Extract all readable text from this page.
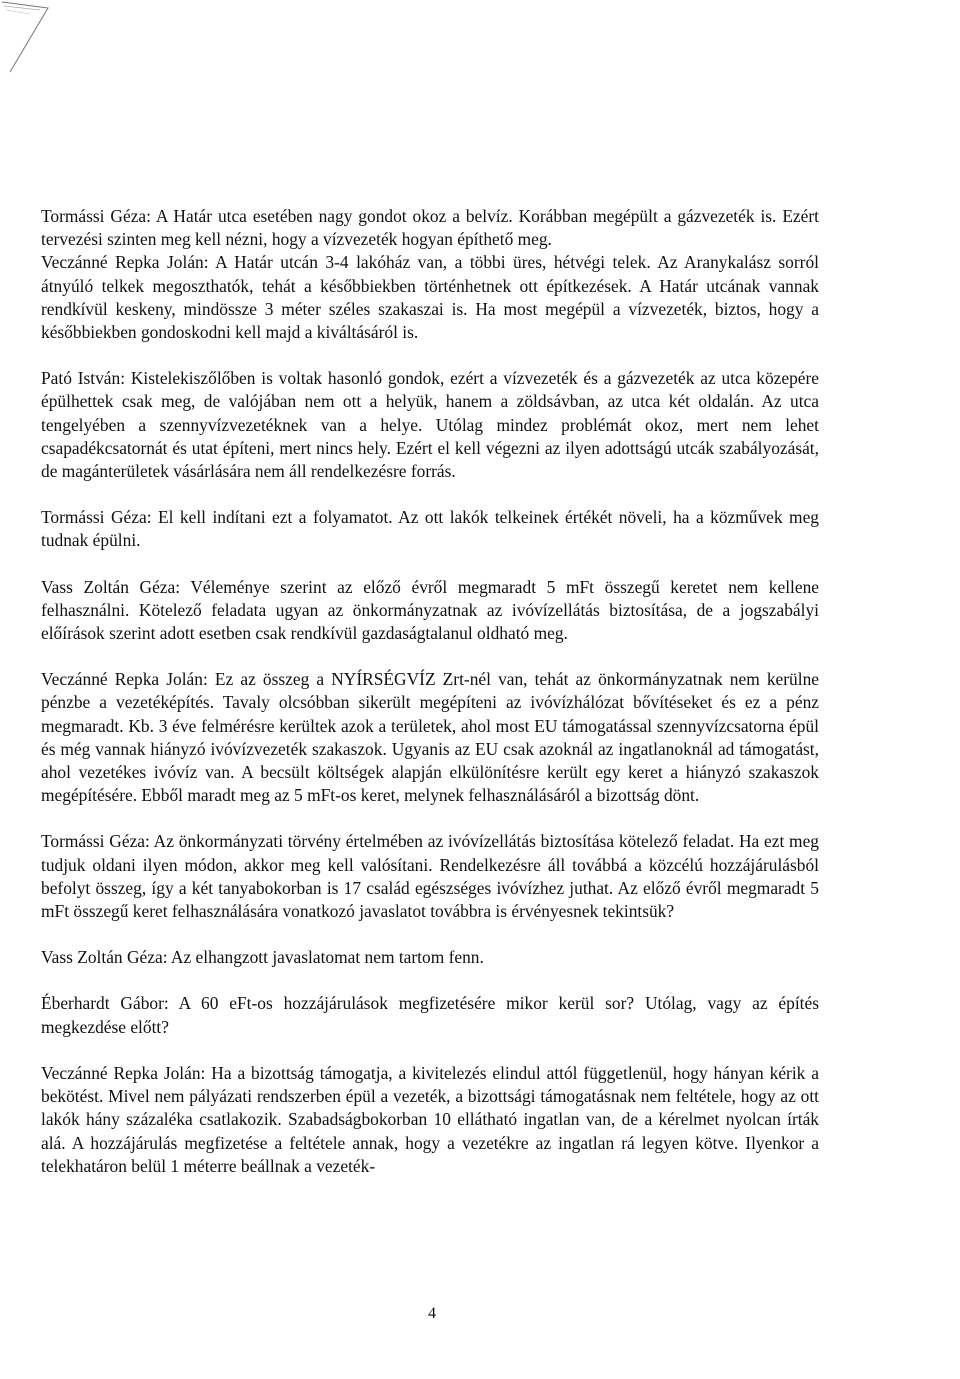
Tormássi Géza: A Határ utca esetében nagy gondot okoz a belvíz. Korábban megépült a gázvezeték is. Ezért tervezési szinten meg kell nézni, hogy a vízvezeték hogyan építhető meg.

Veczánné Repka Jolán: A Határ utcán 3-4 lakóház van, a többi üres, hétvégi telek. Az Aranykalász sorról átnyúló telkek megoszthatók, tehát a későbbiekben történhetnek ott építkezések. A Határ utcának vannak rendkívül keskeny, mindössze 3 méter széles szakaszai is. Ha most megépül a vízvezeték, biztos, hogy a későbbiekben gondoskodni kell majd a kiváltásáról is.

Pató István: Kistelekiszőlőben is voltak hasonló gondok, ezért a vízvezeték és a gázvezeték az utca közepére épülhettek csak meg, de valójában nem ott a helyük, hanem a zöldsávban, az utca két oldalán. Az utca tengelyében a szennyvízvezetéknek van a helye. Utólag mindez problémát okoz, mert nem lehet csapadékcsatornát és utat építeni, mert nincs hely. Ezért el kell végezni az ilyen adottságú utcák szabályozását, de magánterületek vásárlására nem áll rendelkezésre forrás.

Tormássi Géza: El kell indítani ezt a folyamatot. Az ott lakók telkeinek értékét növeli, ha a közművek meg tudnak épülni.

Vass Zoltán Géza: Véleménye szerint az előző évről megmaradt 5 mFt összegű keretet nem kellene felhasználni. Kötelező feladata ugyan az önkormányzatnak az ivóvízellátás biztosítása, de a jogszabályi előírások szerint adott esetben csak rendkívül gazdaságtalanul oldható meg.

Veczánné Repka Jolán: Ez az összeg a NYÍRSÉGVÍZ Zrt-nél van, tehát az önkormányzatnak nem kerülne pénzbe a vezetéképítés. Tavaly olcsóbban sikerült megépíteni az ivóvízhálózat bővítéseket és ez a pénz megmaradt. Kb. 3 éve felmérésre kerültek azok a területek, ahol most EU támogatással szennyvízcsatorna épül és még vannak hiányzó ivóvízvezeték szakaszok. Ugyanis az EU csak azoknál az ingatlanoknál ad támogatást, ahol vezetékes ivóvíz van. A becsült költségek alapján elkülönítésre került egy keret a hiányzó szakaszok megépítésére. Ebből maradt meg az 5 mFt-os keret, melynek felhasználásáról a bizottság dönt.

Tormássi Géza: Az önkormányzati törvény értelmében az ivóvízellátás biztosítása kötelező feladat. Ha ezt meg tudjuk oldani ilyen módon, akkor meg kell valósítani. Rendelkezésre áll továbbá a közcélú hozzájárulásból befolyt összeg, így a két tanyabokorban is 17 család egészséges ivóvízhez juthat. Az előző évről megmaradt 5 mFt összegű keret felhasználására vonatkozó javaslatot továbbra is érvényesnek tekintsük?

Vass Zoltán Géza: Az elhangzott javaslatomat nem tartom fenn.

Éberhardt Gábor: A 60 eFt-os hozzájárulások megfizetésére mikor kerül sor? Utólag, vagy az építés megkezdése előtt?

Veczánné Repka Jolán: Ha a bizottság támogatja, a kivitelezés elindul attól függetlenül, hogy hányan kérik a bekötést. Mivel nem pályázati rendszerben épül a vezeték, a bizottsági támogatásnak nem feltétele, hogy az ott lakók hány százaléka csatlakozik. Szabadságbokorban 10 ellátható ingatlan van, de a kérelmet nyolcan írták alá. A hozzájárulás megfizetése a feltétele annak, hogy a vezetékre az ingatlan rá legyen kötve. Ilyenkor a telekhatáron belül 1 méterre beállnak a vezeték-

4
